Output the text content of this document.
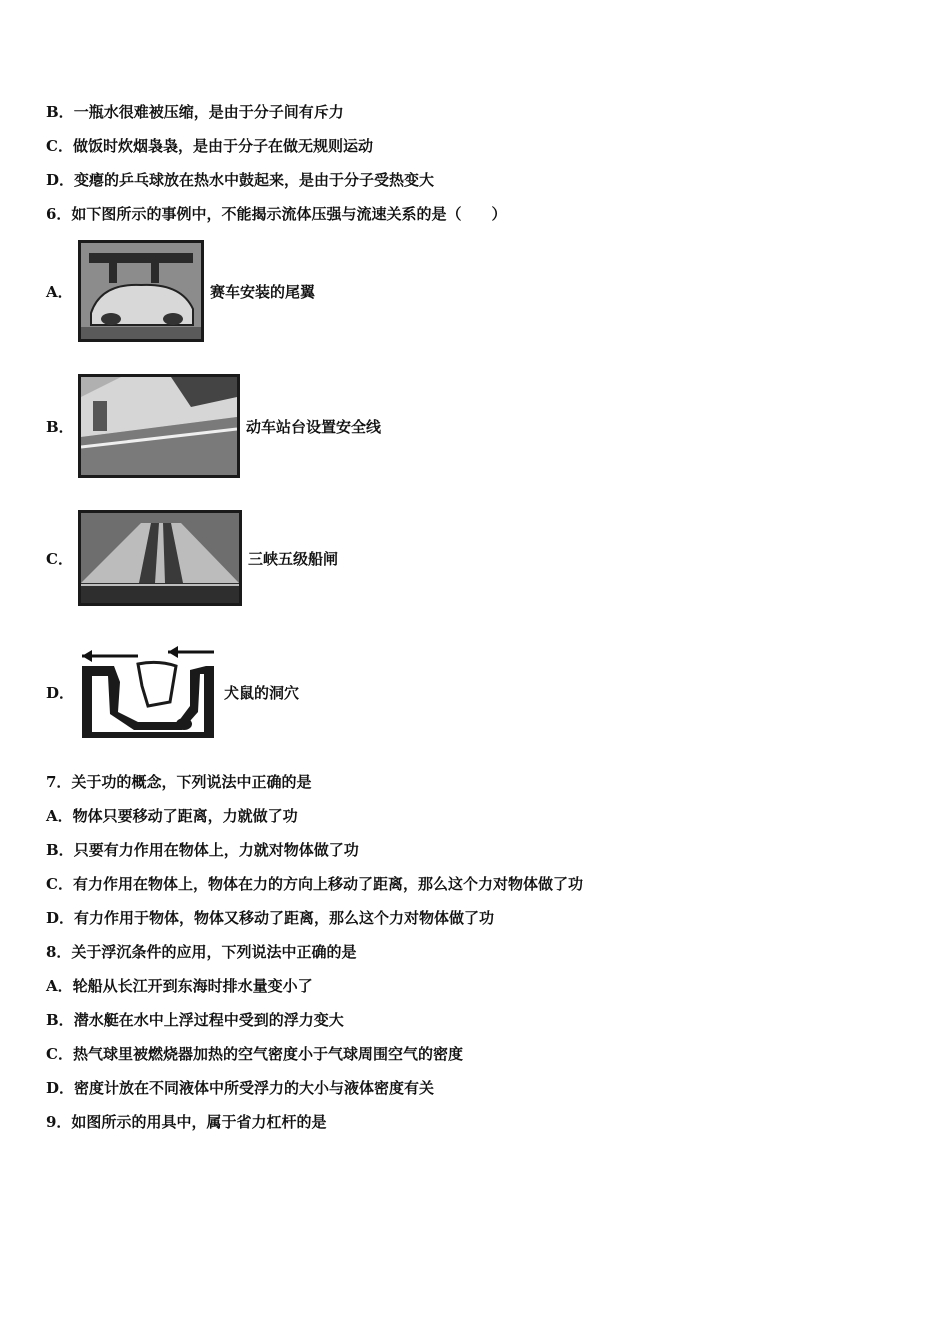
B．一瓶水很难被压缩，是由于分子间有斥力
C．做饭时炊烟袅袅，是由于分子在做无规则运动
D．变瘪的乒乓球放在热水中鼓起来，是由于分子受热变大
6．如下图所示的事例中，不能揭示流体压强与流速关系的是（　　）
A．	赛车安装的尾翼
B．	动车站台设置安全线
C．	三峡五级船闸
D．	犬鼠的洞穴
7．关于功的概念，下列说法中正确的是
A．物体只要移动了距离，力就做了功
B．只要有力作用在物体上，力就对物体做了功
C．有力作用在物体上，物体在力的方向上移动了距离，那么这个力对物体做了功
D．有力作用于物体，物体又移动了距离，那么这个力对物体做了功
8．关于浮沉条件的应用，下列说法中正确的是
A．轮船从长江开到东海时排水量变小了
B．潜水艇在水中上浮过程中受到的浮力变大
C．热气球里被燃烧器加热的空气密度小于气球周围空气的密度
D．密度计放在不同液体中所受浮力的大小与液体密度有关
9．如图所示的用具中，属于省力杠杆的是
